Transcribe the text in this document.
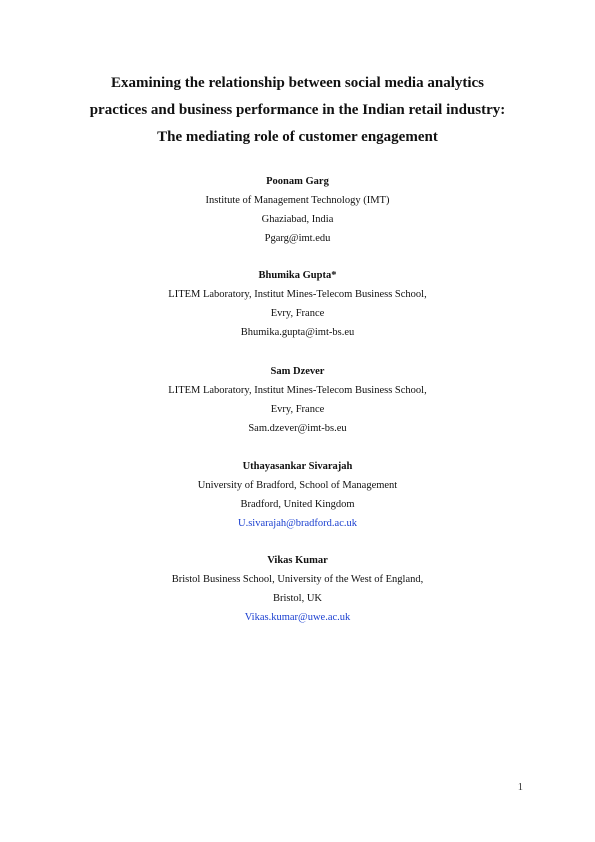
Examining the relationship between social media analytics
practices and business performance in the Indian retail industry:
The mediating role of customer engagement
Poonam Garg
Institute of Management Technology (IMT)
Ghaziabad, India
Pgarg@imt.edu
Bhumika Gupta*
LITEM Laboratory, Institut Mines-Telecom Business School,
Evry, France
Bhumika.gupta@imt-bs.eu
Sam Dzever
LITEM Laboratory, Institut Mines-Telecom Business School,
Evry, France
Sam.dzever@imt-bs.eu
Uthayasankar Sivarajah
University of Bradford, School of Management
Bradford, United Kingdom
U.sivarajah@bradford.ac.uk
Vikas Kumar
Bristol Business School, University of the West of England,
Bristol, UK
Vikas.kumar@uwe.ac.uk
1
